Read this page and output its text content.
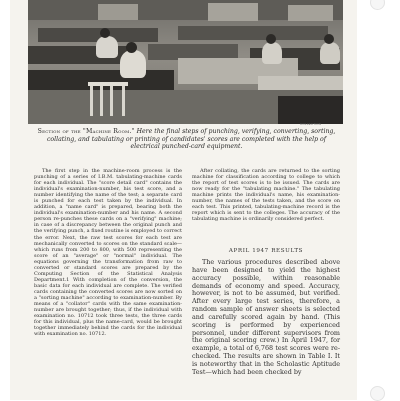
COLLECTION
Section of the "Machine Room." Here the final steps of punching, verifying, converting, sorting, collating, and tabulating or printing of candidates' scores are completed with the help of electrical punched-card equipment.

The first step in the machine-room process is the punching of a series of I.B.M. tabulating-machine cards for each individual. The "score detail card" contains the individual's examination-number, his test score, and a number identifying the name of the test; a separate card is punched for each test taken by the individual. In addition, a "name card" is prepared, bearing both the individual's examination-number and his name. A second person re-punches these cards on a "verifying" machine; in case of a discrepancy between the original punch and the verifying punch, a fixed routine is employed to correct the error. Next, the raw test scores for each test are mechanically converted to scores on the standard scale—which runs from 200 to 800, with 500 representing the score of an "average" or "normal" individual. The equations governing the transformation from raw to converted or standard scores are prepared by the Computing Section of the Statistical Analysis Department.1 With completion of the conversion, the basic data for each individual are complete. The verified cards containing the converted scores are now sorted on a "sorting machine" according to examination-number. By means of a "collator" cards with the same examination-number are brought together; thus, if the individual with examination no. 10712 took three tests, the three cards for this individual, plus the name-card, would be brought together immediately behind the cards for the individual with examination no. 10712.

After collating, the cards are returned to the sorting machine for classification according to college to which the report of test scores is to be issued. The cards are now ready for the "tabulating machine." The tabulating machine prints the individual's name, his examination-number, the names of the tests taken, and the score on each test. This printed, tabulating-machine record is the report which is sent to the colleges. The accuracy of the tabulating machine is ordinarily considered perfect.

APRIL 1947 RESULTS

The various procedures described above have been designed to yield the highest accuracy possible, within reasonable demands of economy and speed. Accuracy, however, is not to be assumed, but verified. After every large test series, therefore, a random sample of answer sheets is selected and carefully scored again by hand. (This scoring is performed by experienced personnel, under different supervisors from the original scoring crew.) In April 1947, for example, a total of 6,768 test scores were re-checked. The results are shown in Table I. It is noteworthy that in the Scholastic Aptitude Test—which had been checked by
